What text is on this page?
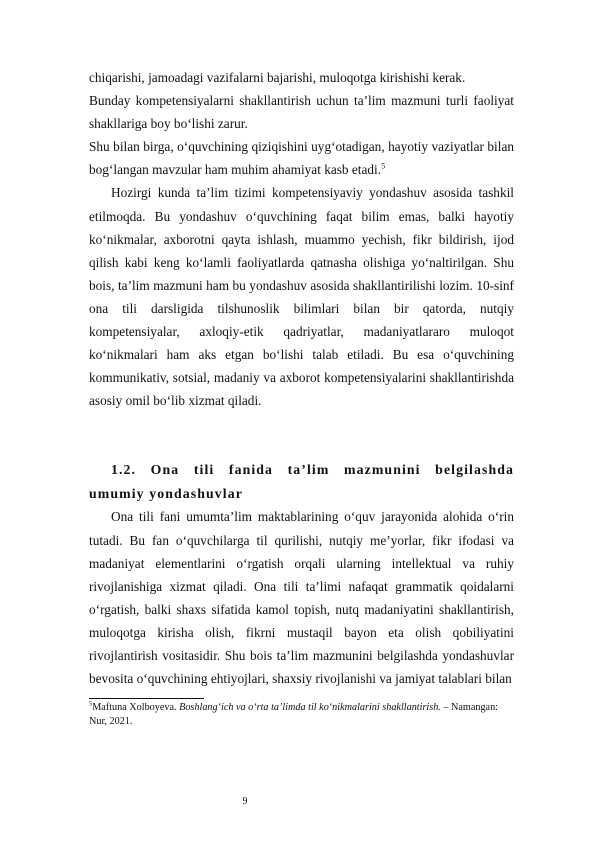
chiqarishi, jamoadagi vazifalarni bajarishi, muloqotga kirishishi kerak.

Bunday kompetensiyalarni shakllantirish uchun ta’lim mazmuni turli faoliyat shakllariga boy bo‘lishi zarur.

Shu bilan birga, o‘quvchining qiziqishini uyg‘otadigan, hayotiy vaziyatlar bilan bog‘langan mavzular ham muhim ahamiyat kasb etadi.$^5$

Hozirgi kunda ta’lim tizimi kompetensiyaviy yondashuv asosida tashkil etilmoqda. Bu yondashuv o‘quvchining faqat bilim emas, balki hayotiy ko‘nikmalar, axborotni qayta ishlash, muammo yechish, fikr bildirish, ijod qilish kabi keng ko‘lamli faoliyatlarda qatnasha olishiga yo‘naltirilgan. Shu bois, ta’lim mazmuni ham bu yondashuv asosida shakllantirilishi lozim. 10-sinf ona tili darsligida tilshunoslik bilimlari bilan bir qatorda, nutqiy kompetensiyalar, axloqiy-etik qadriyatlar, madaniyatlararo muloqot ko‘nikmalari ham aks etgan bo‘lishi talab etiladi. Bu esa o‘quvchining kommunikativ, sotsial, madaniy va axborot kompetensiyalarini shakllantirishda asosiy omil bo‘lib xizmat qiladi.

1.2. Ona tili fanida ta’lim mazmunini belgilashda umumiy yondashuvlar

Ona tili fani umumta’lim maktablarining o‘quv jarayonida alohida o‘rin tutadi. Bu fan o‘quvchilarga til qurilishi, nutqiy me’yorlar, fikr ifodasi va madaniyat elementlarini o‘rgatish orqali ularning intellektual va ruhiy rivojlanishiga xizmat qiladi. Ona tili ta’limi nafaqat grammatik qoidalarni o‘rgatish, balki shaxs sifatida kamol topish, nutq madaniyatini shakllantirish, muloqotga kirisha olish, fikrni mustaqil bayon eta olish qobiliyatini rivojlantirish vositasidir. Shu bois ta’lim mazmunini belgilashda yondashuvlar bevosita o‘quvchining ehtiyojlari, shaxsiy rivojlanishi va jamiyat talablari bilan

$^5$Maftuna Xolboyeva. Boshlang‘ich va o‘rta ta’limda til ko‘nikmalarini shakllantirish. – Namangan: Nur, 2021.

9
